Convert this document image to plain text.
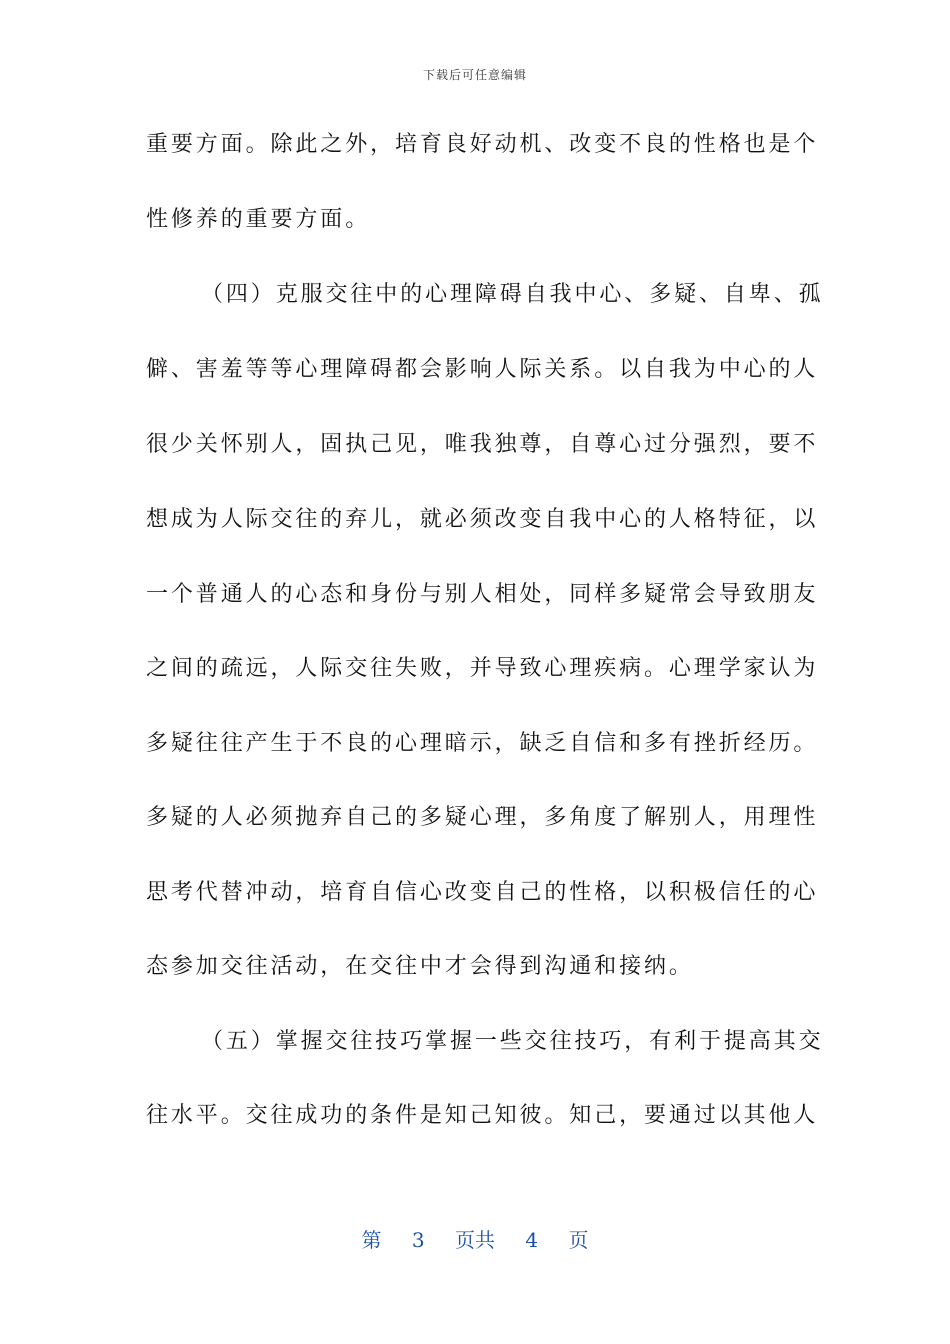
下载后可任意编辑
重要方面。除此之外，培育良好动机、改变不良的性格也是个
性修养的重要方面。
（四）克服交往中的心理障碍自我中心、多疑、自卑、孤
僻、害羞等等心理障碍都会影响人际关系。以自我为中心的人
很少关怀别人，固执己见，唯我独尊，自尊心过分强烈，要不
想成为人际交往的弃儿，就必须改变自我中心的人格特征，以
一个普通人的心态和身份与别人相处，同样多疑常会导致朋友
之间的疏远，人际交往失败，并导致心理疾病。心理学家认为
多疑往往产生于不良的心理暗示，缺乏自信和多有挫折经历。
多疑的人必须抛弃自己的多疑心理，多角度了解别人，用理性
思考代替冲动，培育自信心改变自己的性格，以积极信任的心
态参加交往活动，在交往中才会得到沟通和接纳。
（五）掌握交往技巧掌握一些交往技巧，有利于提高其交
往水平。交往成功的条件是知己知彼。知己，要通过以其他人
第 3 页共 4 页
